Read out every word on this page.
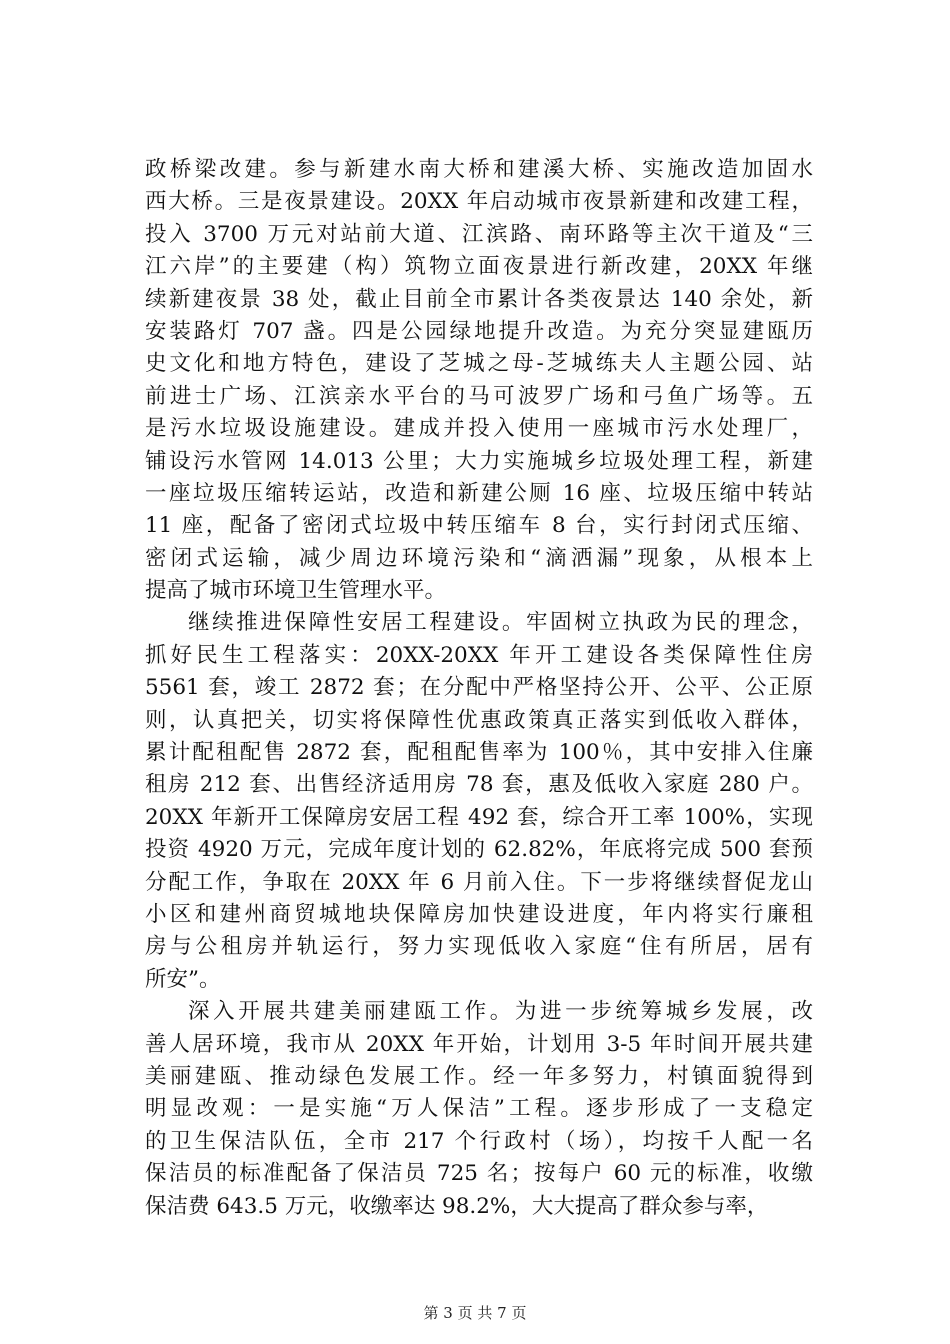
政桥梁改建。参与新建水南大桥和建溪大桥、实施改造加固水
西大桥。三是夜景建设。20XX 年启动城市夜景新建和改建工程，
投入 3700 万元对站前大道、江滨路、南环路等主次干道及“三
江六岸”的主要建（构）筑物立面夜景进行新改建，20XX 年继
续新建夜景 38 处，截止目前全市累计各类夜景达 140 余处，新
安装路灯 707 盏。四是公园绿地提升改造。为充分突显建瓯历
史文化和地方特色，建设了芝城之母-芝城练夫人主题公园、站
前进士广场、江滨亲水平台的马可波罗广场和弓鱼广场等。五
是污水垃圾设施建设。建成并投入使用一座城市污水处理厂，
铺设污水管网 14.013 公里；大力实施城乡垃圾处理工程，新建
一座垃圾压缩转运站，改造和新建公厕 16 座、垃圾压缩中转站
11 座，配备了密闭式垃圾中转压缩车 8 台，实行封闭式压缩、
密闭式运输，减少周边环境污染和“滴洒漏”现象，从根本上
提高了城市环境卫生管理水平。
继续推进保障性安居工程建设。牢固树立执政为民的理念，
抓好民生工程落实：20XX-20XX 年开工建设各类保障性住房
5561 套，竣工 2872 套；在分配中严格坚持公开、公平、公正原
则，认真把关，切实将保障性优惠政策真正落实到低收入群体，
累计配租配售 2872 套，配租配售率为 100％，其中安排入住廉
租房 212 套、出售经济适用房 78 套，惠及低收入家庭 280 户。
20XX 年新开工保障房安居工程 492 套，综合开工率 100%，实现
投资 4920 万元，完成年度计划的 62.82%，年底将完成 500 套预
分配工作，争取在 20XX 年 6 月前入住。下一步将继续督促龙山
小区和建州商贸城地块保障房加快建设进度，年内将实行廉租
房与公租房并轨运行，努力实现低收入家庭“住有所居，居有
所安”。
深入开展共建美丽建瓯工作。为进一步统筹城乡发展，改
善人居环境，我市从 20XX 年开始，计划用 3-5 年时间开展共建
美丽建瓯、推动绿色发展工作。经一年多努力，村镇面貌得到
明显改观：一是实施“万人保洁”工程。逐步形成了一支稳定
的卫生保洁队伍，全市 217 个行政村（场），均按千人配一名
保洁员的标准配备了保洁员 725 名；按每户 60 元的标准，收缴
保洁费 643.5 万元，收缴率达 98.2%，大大提高了群众参与率，
第 3 页 共 7 页
